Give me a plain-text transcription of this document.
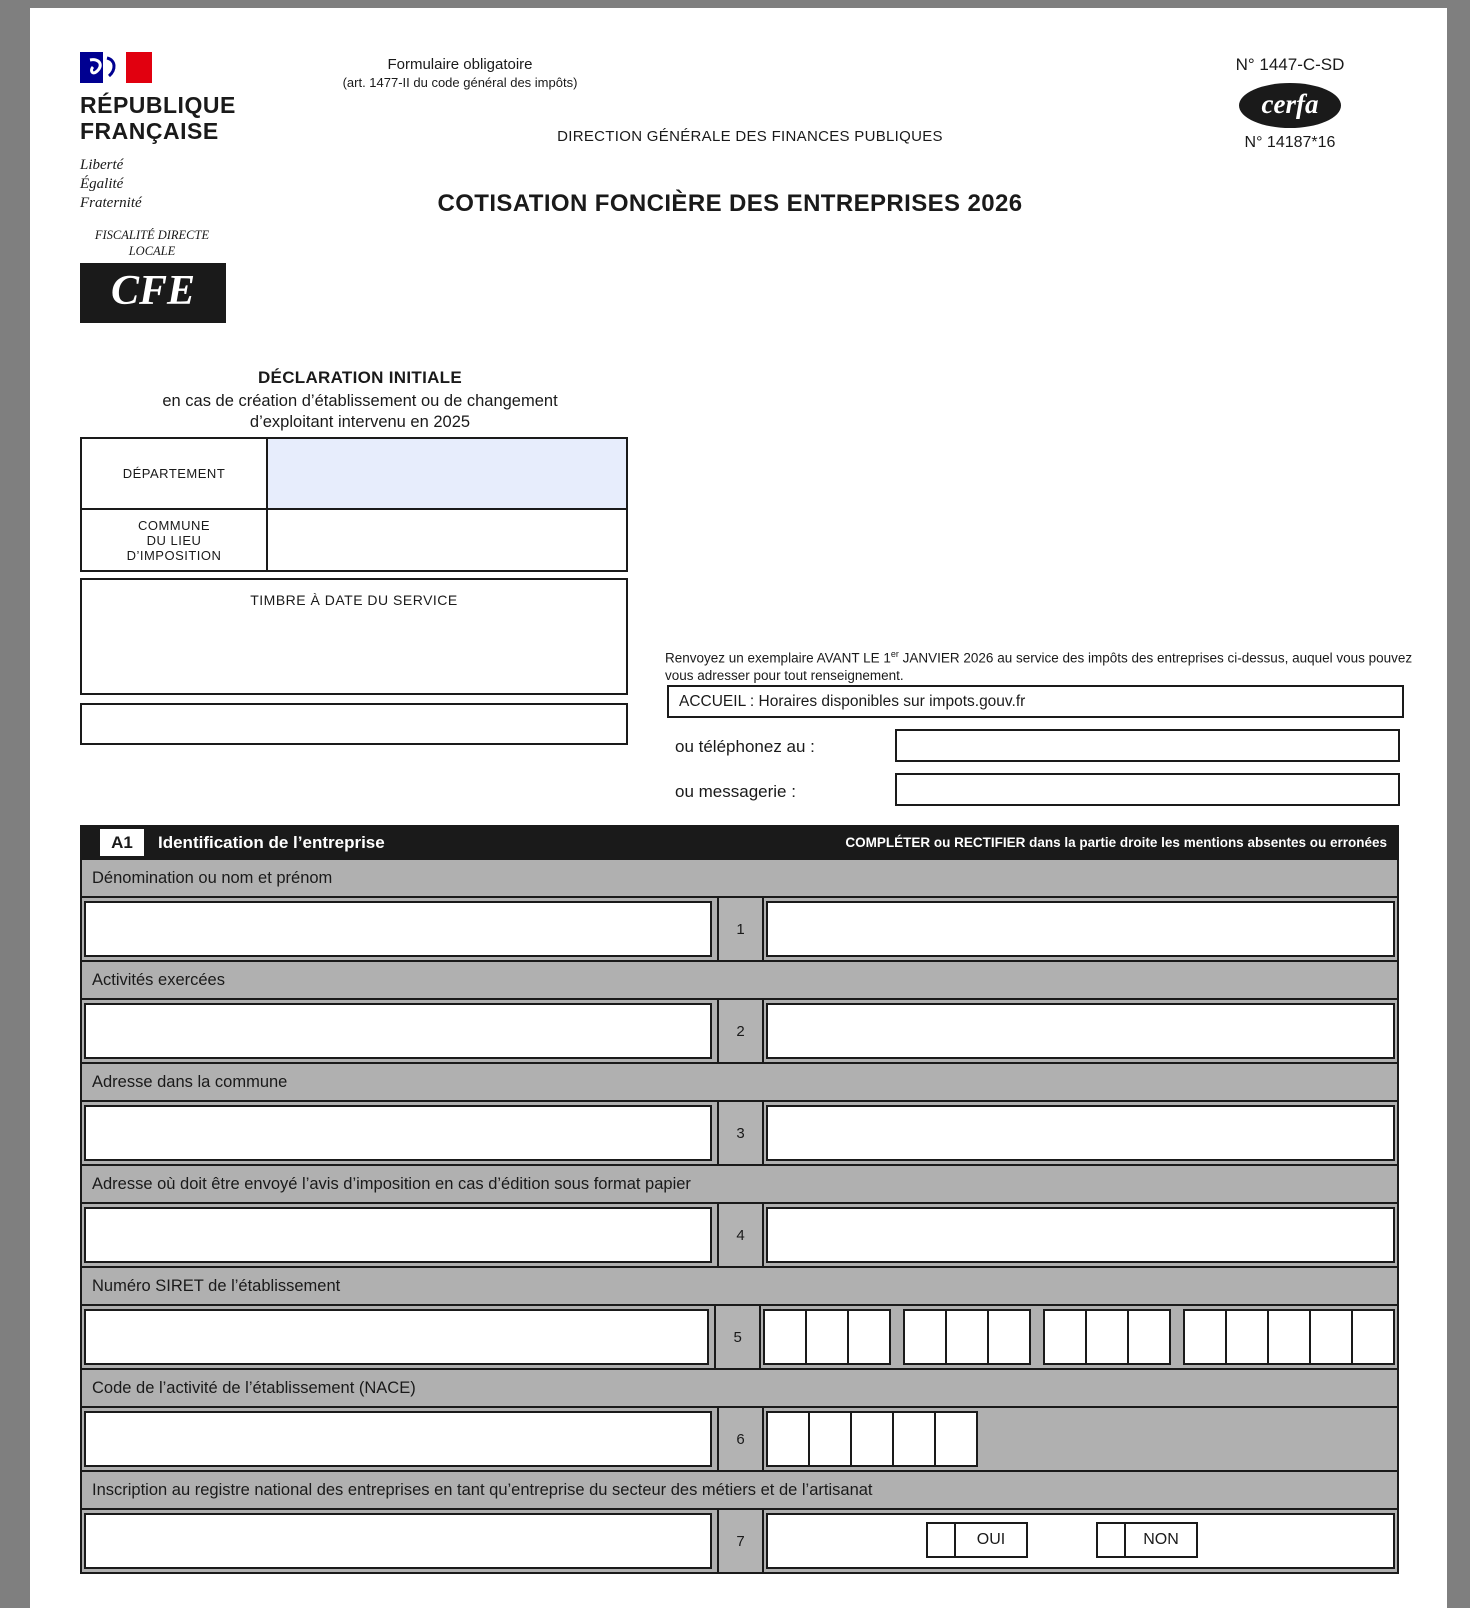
RÉPUBLIQUE
FRANÇAISE
Liberté
Égalité
Fraternité
Formulaire obligatoire
(art. 1477-II du code général des impôts)
DIRECTION GÉNÉRALE DES FINANCES PUBLIQUES
COTISATION FONCIÈRE DES ENTREPRISES 2026
N° 1447-C-SD
cerfa
N° 14187*16
FISCALITÉ DIRECTE
LOCALE
CFE
DÉCLARATION INITIALE
en cas de création d’établissement ou de changement
d’exploitant intervenu en 2025
DÉPARTEMENT
COMMUNE
DU LIEU
D’IMPOSITION
TIMBRE À DATE DU SERVICE
Renvoyez un exemplaire AVANT LE 1er JANVIER 2026 au service des impôts des entreprises ci-dessus, auquel vous pouvez vous adresser pour tout renseignement.
ACCUEIL : Horaires disponibles sur impots.gouv.fr
ou téléphonez au :
ou messagerie :
A1	Identification de l’entreprise	COMPLÉTER ou RECTIFIER dans la partie droite les mentions absentes ou erronées
Dénomination ou nom et prénom
1
Activités exercées
2
Adresse dans la commune
3
Adresse où doit être envoyé l’avis d’imposition en cas d’édition sous format papier
4
Numéro SIRET de l’établissement
5
Code de l’activité de l’établissement (NACE)
6
Inscription au registre national des entreprises en tant qu’entreprise du secteur des métiers et de l’artisanat
7	OUI	NON
